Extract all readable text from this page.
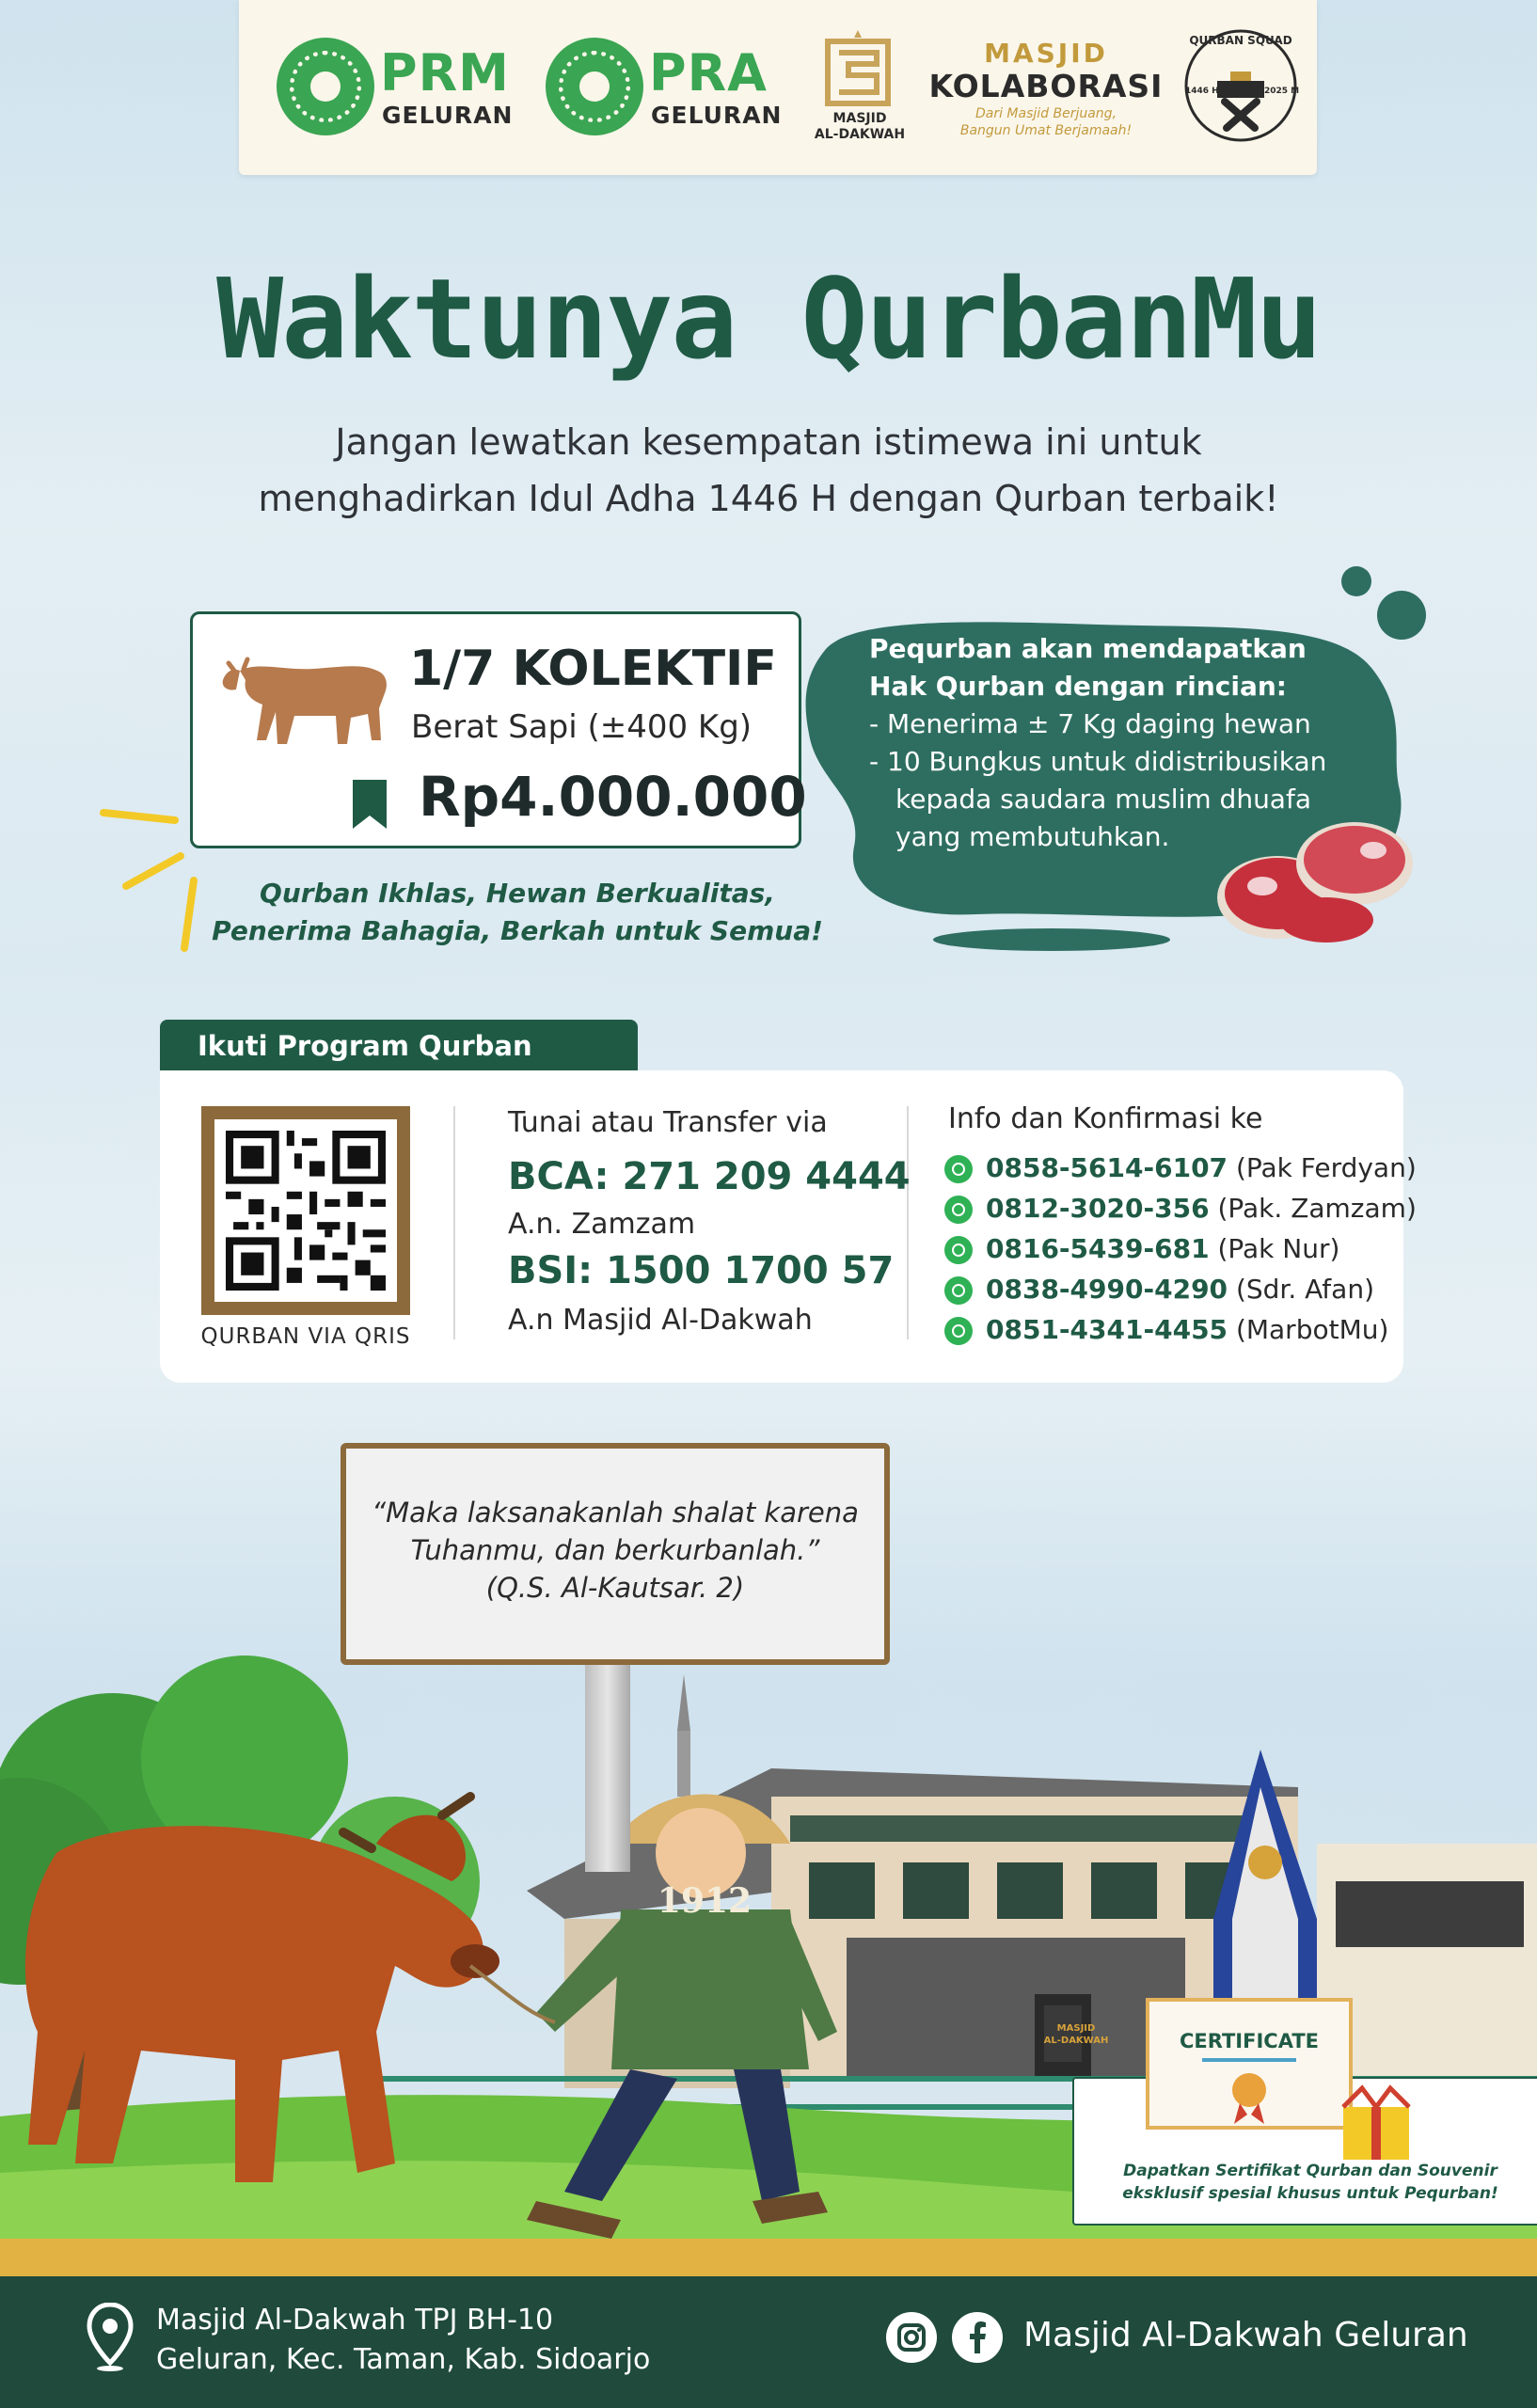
PRM
GELURAN
PRA
GELURAN	MASJID
AL-DAKWAH
MASJID
KOLABORASI
Dari Masjid Berjuang,
Bangun Umat Berjamaah!
QURBAN SQUAD
1446 H	2025 M
Waktunya QurbanMu
Jangan lewatkan kesempatan istimewa ini untuk
menghadirkan Idul Adha 1446 H dengan Qurban terbaik!
1/7 KOLEKTIF
Berat Sapi (±400 Kg)
Rp4.000.000
Qurban Ikhlas, Hewan Berkualitas,
Penerima Bahagia, Berkah untuk Semua!
Pequrban akan mendapatkan
Hak Qurban dengan rincian:
- Menerima ± 7 Kg daging hewan
- 10 Bungkus untuk didistribusikan
kepada saudara muslim dhuafa
yang membutuhkan.
Ikuti Program Qurban
QURBAN VIA QRIS
Tunai atau Transfer via
BCA: 271 209 4444
A.n. Zamzam
BSI: 1500 1700 57
A.n Masjid Al-Dakwah
Info dan Konfirmasi ke
0858-5614-6107 (Pak Ferdyan)
0812-3020-356 (Pak. Zamzam)
0816-5439-681 (Pak Nur)
0838-4990-4290 (Sdr. Afan)
0851-4341-4455 (MarbotMu)
1912
MASJID
AL-DAKWAH
“Maka laksanakanlah shalat karena
Tuhanmu, dan berkurbanlah.”
(Q.S. Al-Kautsar. 2)
CERTIFICATE
Dapatkan Sertifikat Qurban dan Souvenir
eksklusif spesial khusus untuk Pequrban!
Masjid Al-Dakwah TPJ BH-10
Geluran, Kec. Taman, Kab. Sidoarjo
Masjid Al-Dakwah Geluran
